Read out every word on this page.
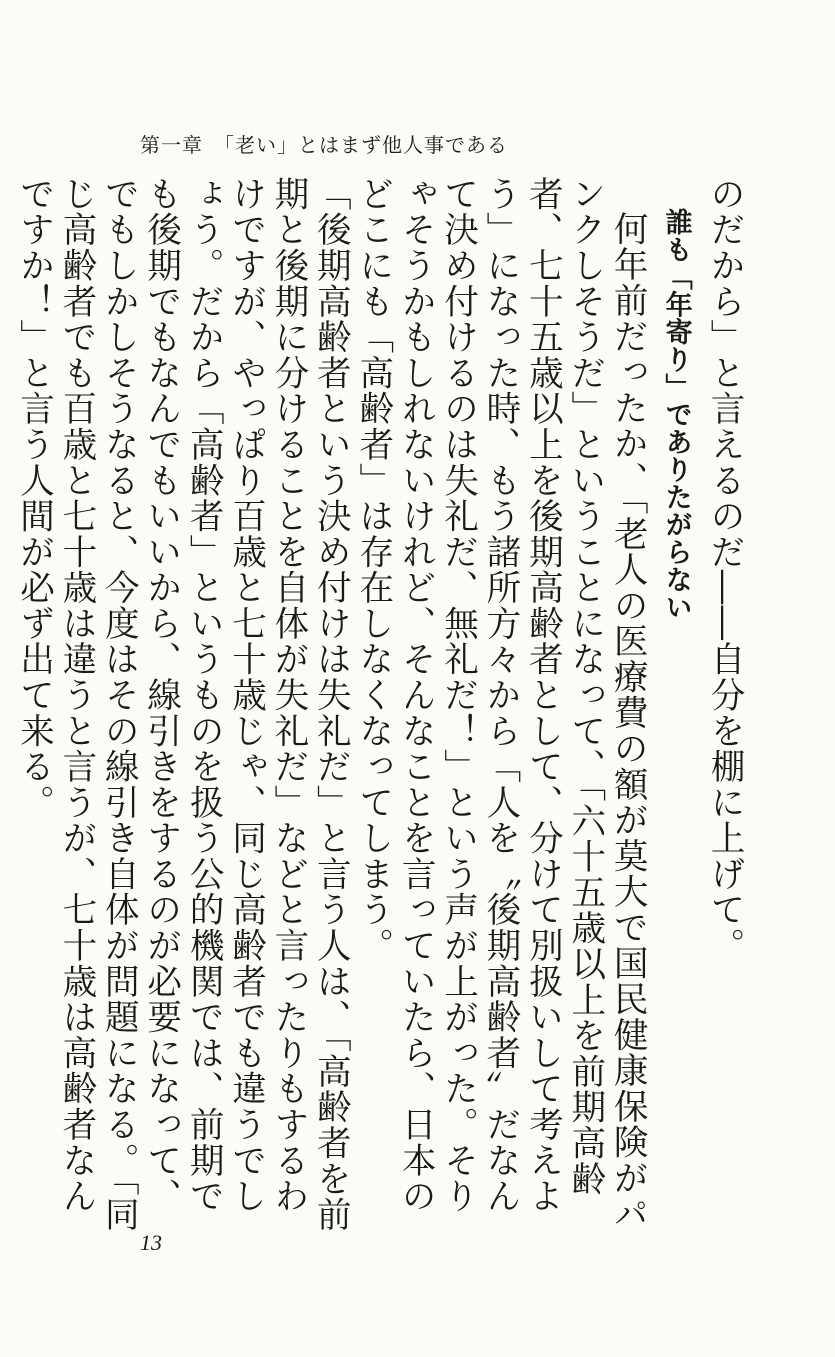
第一章　「老い」とはまず他人事である

のだから」と言えるのだ――自分を棚に上げて。

誰も「年寄り」でありたがらない

何年前だったか、「老人の医療費の額が莫大で国民健康保険がパンクしそうだ」ということになって、「六十五歳以上を前期高齢者、七十五歳以上を後期高齢者として、分けて別扱いして考えよう」になった時、もう諸所方々から「人を〝後期高齢者〟だなんて決め付けるのは失礼だ、無礼だ！」という声が上がった。そりゃそうかもしれないけれど、そんなことを言っていたら、日本のどこにも「高齢者」は存在しなくなってしまう。

「後期高齢者という決め付けは失礼だ」と言う人は、「高齢者を前期と後期に分けることを自体が失礼だ」などと言ったりもするわけですが、やっぱり百歳と七十歳じゃ、同じ高齢者でも違うでしょう。だから「高齢者」というものを扱う公的機関では、前期でも後期でもなんでもいいから、線引きをするのが必要になって、でもしかしそうなると、今度はその線引き自体が問題になる。「同じ高齢者でも百歳と七十歳は違うと言うが、七十歳は高齢者なんですか！」と言う人間が必ず出て来る。

13
